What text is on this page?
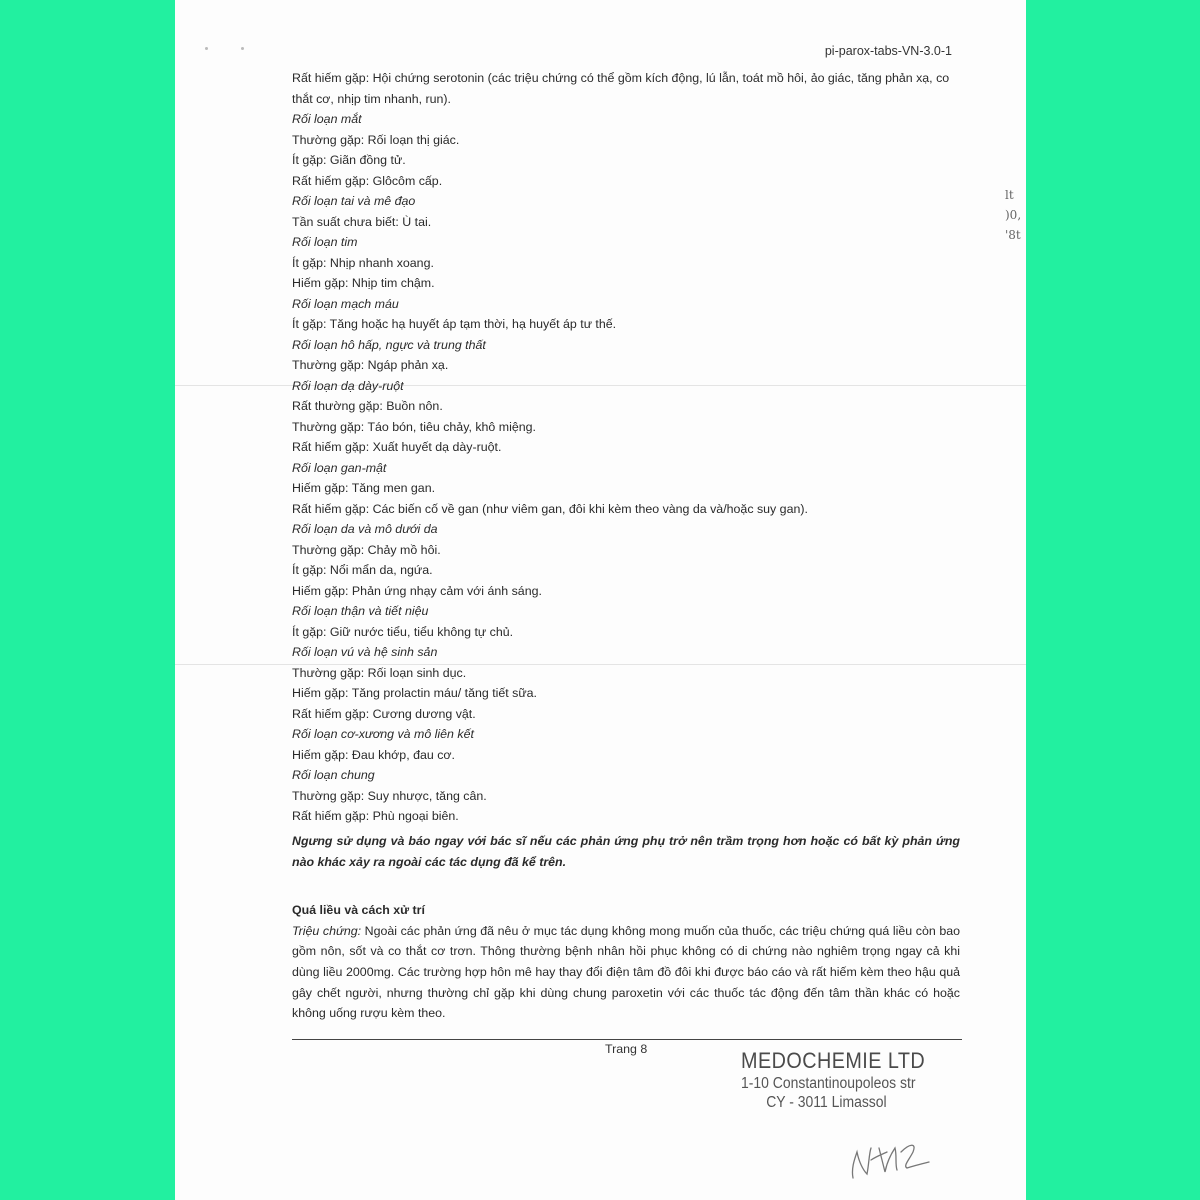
pi-parox-tabs-VN-3.0-1
lt
)0,
'8t
Rất hiếm gặp: Hội chứng serotonin (các triệu chứng có thể gồm kích động, lú lẫn, toát mồ hôi, ảo giác, tăng phản xạ, co thắt cơ, nhịp tim nhanh, run).
Rối loạn mắt
Thường gặp: Rối loạn thị giác.
Ít gặp: Giãn đồng tử.
Rất hiếm gặp: Glôcôm cấp.
Rối loạn tai và mê đạo
Tần suất chưa biết: Ù tai.
Rối loạn tim
Ít gặp: Nhịp nhanh xoang.
Hiếm gặp: Nhịp tim chậm.
Rối loạn mạch máu
Ít gặp: Tăng hoặc hạ huyết áp tạm thời, hạ huyết áp tư thế.
Rối loạn hô hấp, ngực và trung thất
Thường gặp: Ngáp phản xạ.
Rối loạn dạ dày-ruột
Rất thường gặp: Buồn nôn.
Thường gặp: Táo bón, tiêu chảy, khô miệng.
Rất hiếm gặp: Xuất huyết dạ dày-ruột.
Rối loạn gan-mật
Hiếm gặp: Tăng men gan.
Rất hiếm gặp: Các biến cố về gan (như viêm gan, đôi khi kèm theo vàng da và/hoặc suy gan).
Rối loạn da và mô dưới da
Thường gặp: Chảy mồ hôi.
Ít gặp: Nổi mẩn da, ngứa.
Hiếm gặp: Phản ứng nhạy cảm với ánh sáng.
Rối loạn thận và tiết niệu
Ít gặp: Giữ nước tiểu, tiểu không tự chủ.
Rối loạn vú và hệ sinh sản
Thường gặp: Rối loạn sinh dục.
Hiếm gặp: Tăng prolactin máu/ tăng tiết sữa.
Rất hiếm gặp: Cương dương vật.
Rối loạn cơ-xương và mô liên kết
Hiếm gặp: Đau khớp, đau cơ.
Rối loạn chung
Thường gặp: Suy nhược, tăng cân.
Rất hiếm gặp: Phù ngoại biên.
Ngưng sử dụng và báo ngay với bác sĩ nếu các phản ứng phụ trở nên trầm trọng hơn hoặc có bất kỳ phản ứng nào khác xảy ra ngoài các tác dụng đã kể trên.
Quá liều và cách xử trí
Triệu chứng: Ngoài các phản ứng đã nêu ở mục tác dụng không mong muốn của thuốc, các triệu chứng quá liều còn bao gồm nôn, sốt và co thắt cơ trơn. Thông thường bệnh nhân hồi phục không có di chứng nào nghiêm trọng ngay cả khi dùng liều 2000mg. Các trường hợp hôn mê hay thay đổi điện tâm đồ đôi khi được báo cáo và rất hiếm kèm theo hậu quả gây chết người, nhưng thường chỉ gặp khi dùng chung paroxetin với các thuốc tác động đến tâm thần khác có hoặc không uống rượu kèm theo.
Trang 8	MEDOCHEMIE LTD
1-10 Constantinoupoleos str
CY - 3011 Limassol
